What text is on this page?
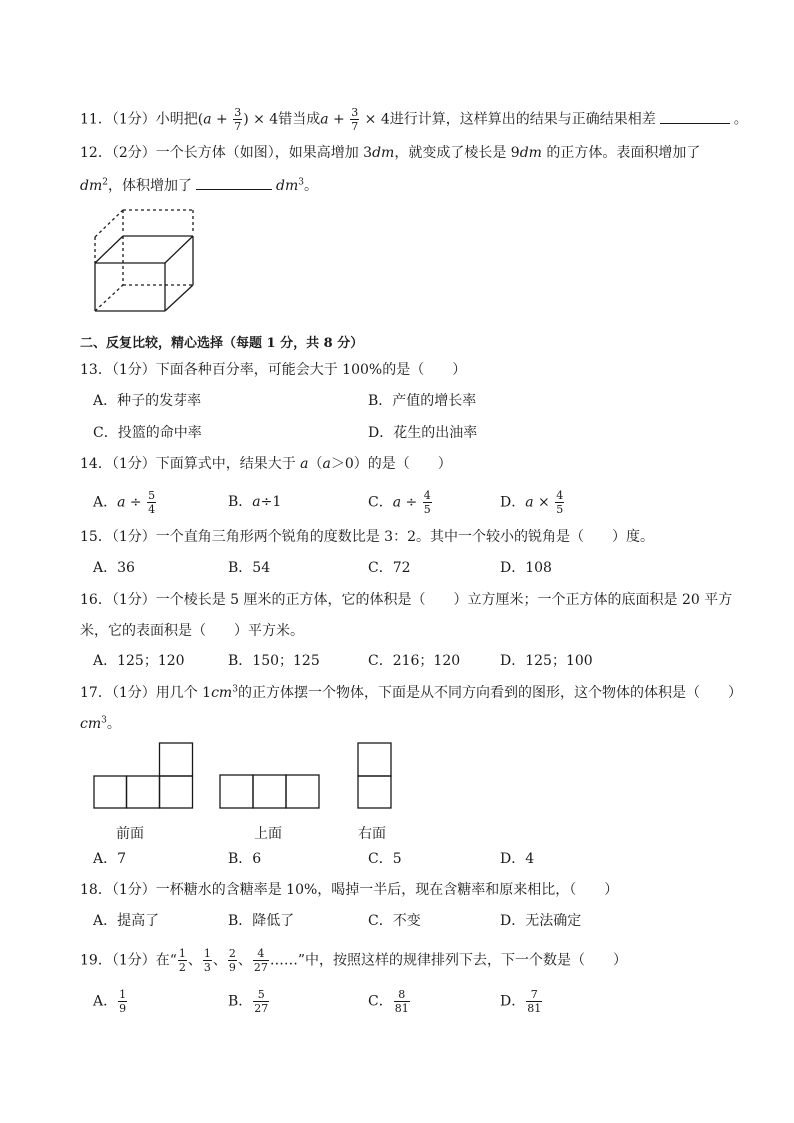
11．（1分）小明把($a + \frac{3}{7}$ ) × 4错当成$a + \frac{3}{7} \times 4$进行计算，这样算出的结果与正确结果相差	。
12．（2分）一个长方体（如图），如果高增加 3dm，就变成了棱长是 9dm 的正方体。表面积增加了
$dm^2$，体积增加了	$dm^3$。
二、反复比较，精心选择（每题 1 分，共 8 分）
13．（1分）下面各种百分率，可能会大于 100%的是（　　）
A．种子的发芽率	B．产值的增长率
C．投篮的命中率	D．花生的出油率
14．（1分）下面算式中，结果大于 a（a＞0）的是（　　）
A．$a \div \frac{5}{4}$	B．a÷1	C．$a \div \frac{4}{5}$	D．$a \times \frac{4}{5}$
15．（1分）一个直角三角形两个锐角的度数比是 3：2。其中一个较小的锐角是（　　）度。
A．36	B．54	C．72	D．108
16．（1分）一个棱长是 5 厘米的正方体，它的体积是（　　）立方厘米；一个正方体的底面积是 20 平方
米，它的表面积是（　　）平方米。
A．125；120	B．150；125	C．216；120	D．125；100
17．（1分）用几个 $1cm^3$的正方体摆一个物体，下面是从不同方向看到的图形，这个物体的体积是（　　）
$cm^3$。
前面	上面	右面
A．7	B．6	C．5	D．4
18．（1分）一杯糖水的含糖率是 10%，喝掉一半后，现在含糖率和原来相比，（　　）
A．提高了	B．降低了	C．不变	D．无法确定
19．（1分）在“ $\frac{1}{2}$ 、 $\frac{1}{3}$ 、 $\frac{2}{9}$ 、 $\frac{4}{27}$ ……”中，按照这样的规律排列下去，下一个数是（　　）
A． $\frac{1}{9}$	B． $\frac{5}{27}$	C． $\frac{8}{81}$	D． $\frac{7}{81}$
